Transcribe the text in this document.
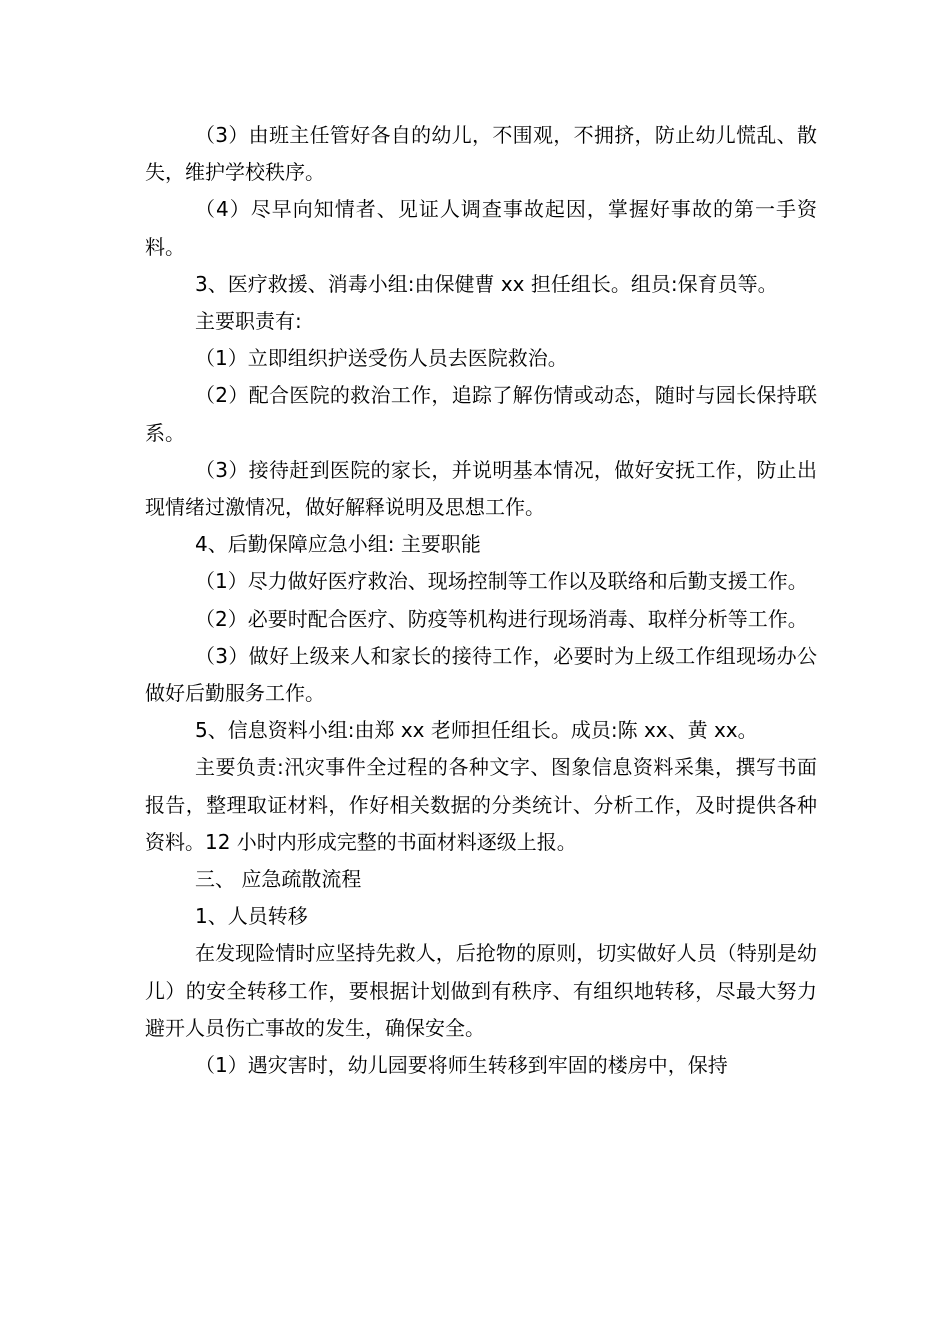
（3）由班主任管好各自的幼儿，不围观，不拥挤，防止幼儿慌乱、散失，维护学校秩序。

（4）尽早向知情者、见证人调查事故起因，掌握好事故的第一手资料。

3、医疗救援、消毒小组:由保健曹 xx 担任组长。组员:保育员等。

主要职责有:

（1）立即组织护送受伤人员去医院救治。

（2）配合医院的救治工作，追踪了解伤情或动态，随时与园长保持联系。

（3）接待赶到医院的家长，并说明基本情况，做好安抚工作，防止出现情绪过激情况，做好解释说明及思想工作。

4、后勤保障应急小组: 主要职能

（1）尽力做好医疗救治、现场控制等工作以及联络和后勤支援工作。

（2）必要时配合医疗、防疫等机构进行现场消毒、取样分析等工作。

（3）做好上级来人和家长的接待工作，必要时为上级工作组现场办公做好后勤服务工作。

5、信息资料小组:由郑 xx 老师担任组长。成员:陈 xx、黄 xx。

主要负责:汛灾事件全过程的各种文字、图象信息资料采集，撰写书面报告，整理取证材料，作好相关数据的分类统计、分析工作，及时提供各种资料。12 小时内形成完整的书面材料逐级上报。

三、 应急疏散流程

1、人员转移

在发现险情时应坚持先救人，后抢物的原则，切实做好人员（特别是幼儿）的安全转移工作，要根据计划做到有秩序、有组织地转移，尽最大努力避开人员伤亡事故的发生，确保安全。

（1）遇灾害时，幼儿园要将师生转移到牢固的楼房中，保持
